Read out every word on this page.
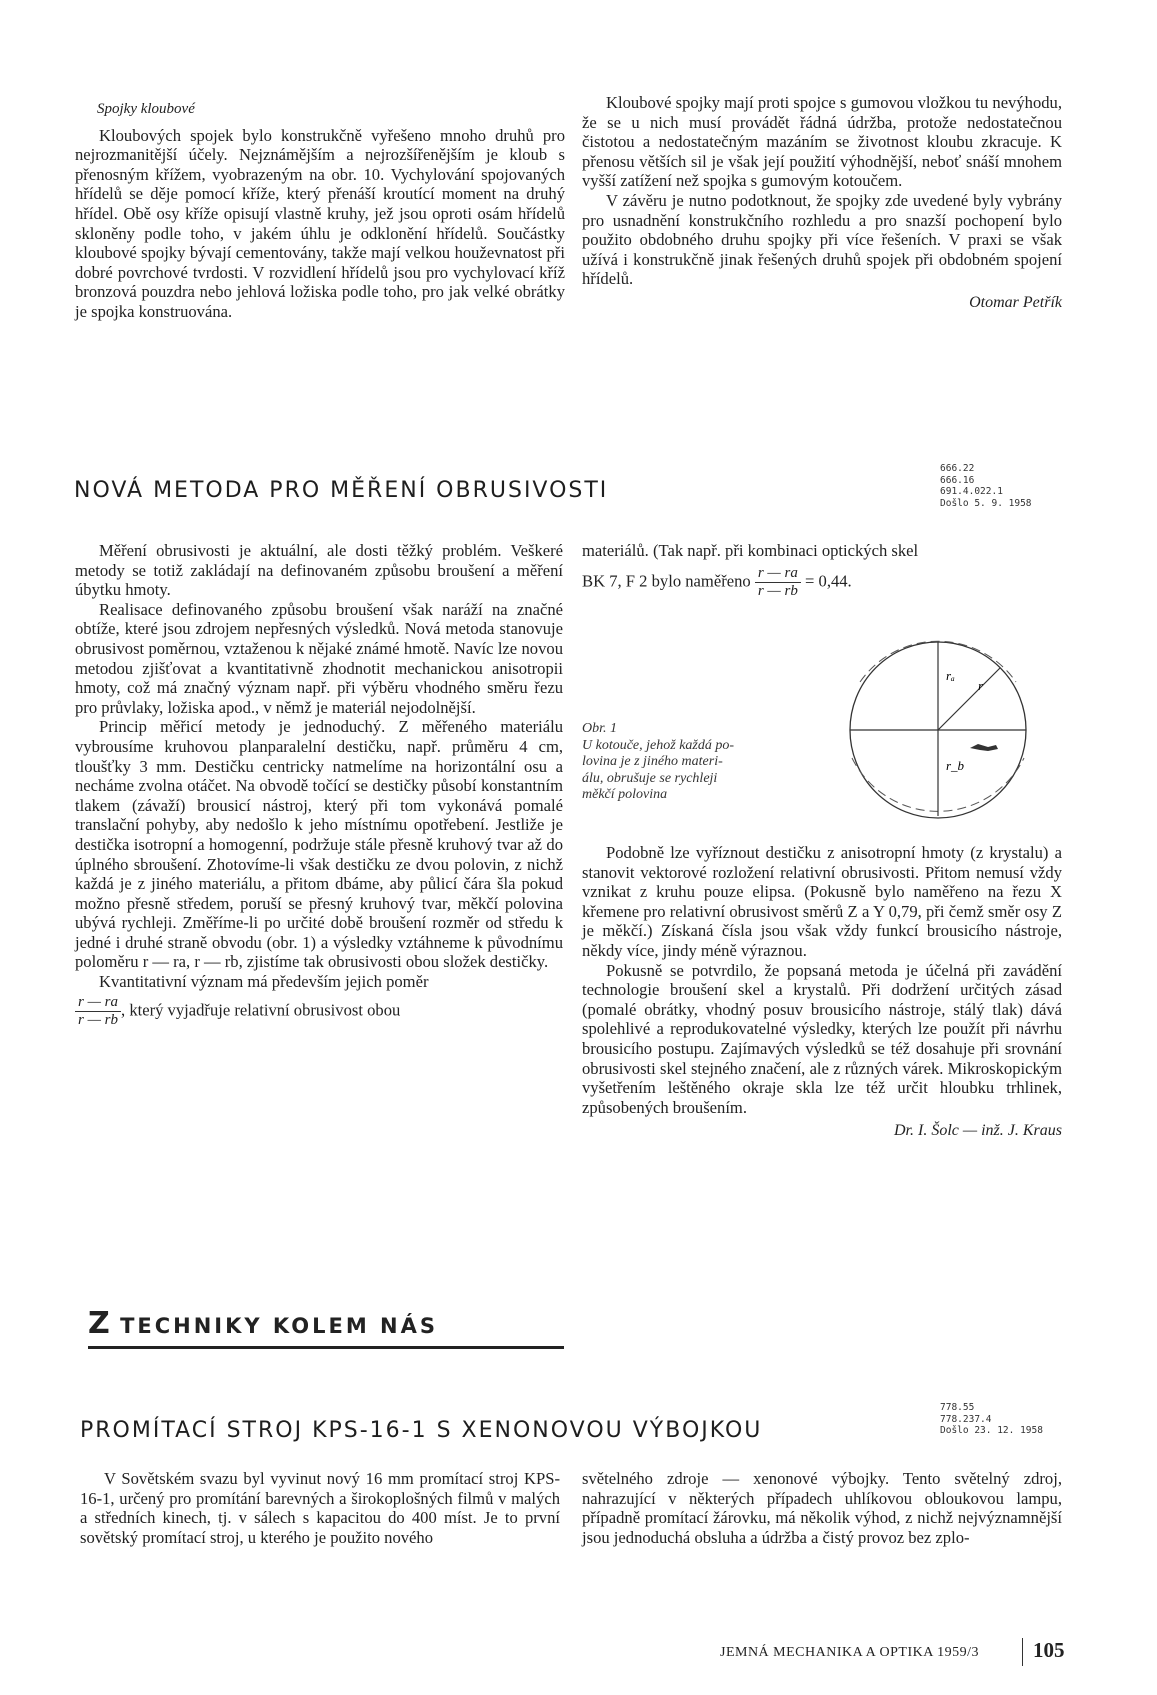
Spojky kloubové

Kloubových spojek bylo konstrukčně vyřešeno mnoho druhů pro nejrozmanitější účely. Nejznámějším a nejrozšířenějším je kloub s přenosným křížem, vyobrazeným na obr. 10. Vychylování spojovaných hřídelů se děje pomocí kříže, který přenáší kroutící moment na druhý hřídel. Obě osy kříže opisují vlastně kruhy, jež jsou oproti osám hřídelů skloněny podle toho, v jakém úhlu je odklonění hřídelů. Součástky kloubové spojky bývají cementovány, takže mají velkou houževnatost při dobré povrchové tvrdosti. V rozvidlení hřídelů jsou pro vychylovací kříž bronzová pouzdra nebo jehlová ložiska podle toho, pro jak velké obrátky je spojka konstruována.

Kloubové spojky mají proti spojce s gumovou vložkou tu nevýhodu, že se u nich musí provádět řádná údržba, protože nedostatečnou čistotou a nedostatečným mazáním se životnost kloubu zkracuje. K přenosu větších sil je však její použití výhodnější, neboť snáší mnohem vyšší zatížení než spojka s gumovým kotoučem.

V závěru je nutno podotknout, že spojky zde uvedené byly vybrány pro usnadnění konstrukčního rozhledu a pro snazší pochopení bylo použito obdobného druhu spojky při více řešeních. V praxi se však užívá i konstrukčně jinak řešených druhů spojek při obdobném spojení hřídelů.

Otomar Petřík

NOVÁ METODA PRO MĚŘENÍ OBRUSIVOSTI
666.22
666.16
691.4.022.1
Došlo 5. 9. 1958

Měření obrusivosti je aktuální, ale dosti těžký problém. Veškeré metody se totiž zakládají na definovaném způsobu broušení a měření úbytku hmoty.

Realisace definovaného způsobu broušení však naráží na značné obtíže, které jsou zdrojem nepřesných výsledků. Nová metoda stanovuje obrusivost poměrnou, vztaženou k nějaké známé hmotě. Navíc lze novou metodou zjišťovat a kvantitativně zhodnotit mechanickou anisotropii hmoty, což má značný význam např. při výběru vhodného směru řezu pro průvlaky, ložiska apod., v němž je materiál nejodolnější.

Princip měřicí metody je jednoduchý. Z měřeného materiálu vybrousíme kruhovou planparalelní destičku, např. průměru 4 cm, tloušťky 3 mm. Destičku centricky natmelíme na horizontální osu a necháme zvolna otáčet. Na obvodě točící se destičky působí konstantním tlakem (závaží) brousicí nástroj, který při tom vykonává pomalé translační pohyby, aby nedošlo k jeho místnímu opotřebení. Jestliže je destička isotropní a homogenní, podržuje stále přesně kruhový tvar až do úplného sbroušení. Zhotovíme-li však destičku ze dvou polovin, z nichž každá je z jiného materiálu, a přitom dbáme, aby půlicí čára šla pokud možno přesně středem, poruší se přesný kruhový tvar, měkčí polovina ubývá rychleji. Změříme-li po určité době broušení rozměr od středu k jedné i druhé straně obvodu (obr. 1) a výsledky vztáhneme k původnímu poloměru r — ra, r — rb, zjistíme tak obrusivosti obou složek destičky.

Kvantitativní význam má především jejich poměr

$\frac{r — ra}{r — rb}$ , který vyjadřuje relativní obrusivost obou

materiálů. (Tak např. při kombinaci optických skel

BK 7, F 2 bylo naměřeno $\frac{r — ra}{r — rb} = 0,44$.

rₐ
r
r_b
Obr. 1
U kotouče, jehož každá po-
lovina je z jiného materi-
álu, obrušuje se rychleji
měkčí polovina

Podobně lze vyříznout destičku z anisotropní hmoty (z krystalu) a stanovit vektorové rozložení relativní obrusivosti. Přitom nemusí vždy vznikat z kruhu pouze elipsa. (Pokusně bylo naměřeno na řezu X křemene pro relativní obrusivost směrů Z a Y 0,79, při čemž směr osy Z je měkčí.) Získaná čísla jsou však vždy funkcí brousicího nástroje, někdy více, jindy méně výraznou.

Pokusně se potvrdilo, že popsaná metoda je účelná při zavádění technologie broušení skel a krystalů. Při dodržení určitých zásad (pomalé obrátky, vhodný posuv brousicího nástroje, stálý tlak) dává spolehlivé a reprodukovatelné výsledky, kterých lze použít při návrhu brousicího postupu. Zajímavých výsledků se též dosahuje při srovnání obrusivosti skel stejného značení, ale z různých várek. Mikroskopickým vyšetřením leštěného okraje skla lze též určit hloubku trhlinek, způsobených broušením.

Dr. I. Šolc — inž. J. Kraus

Z TECHNIKY KOLEM NÁS
PROMÍTACÍ STROJ KPS-16-1 S XENONOVOU VÝBOJKOU
778.55
778.237.4
Došlo 23. 12. 1958

V Sovětském svazu byl vyvinut nový 16 mm promítací stroj KPS-16-1, určený pro promítání barevných a širokoplošných filmů v malých a středních kinech, tj. v sálech s kapacitou do 400 míst. Je to první sovětský promítací stroj, u kterého je použito nového

světelného zdroje — xenonové výbojky. Tento světelný zdroj, nahrazující v některých případech uhlíkovou obloukovou lampu, případně promítací žárovku, má několik výhod, z nichž nejvýznamnější jsou jednoduchá obsluha a údržba a čistý provoz bez zplo-

JEMNÁ MECHANIKA A OPTIKA 1959/3	105
